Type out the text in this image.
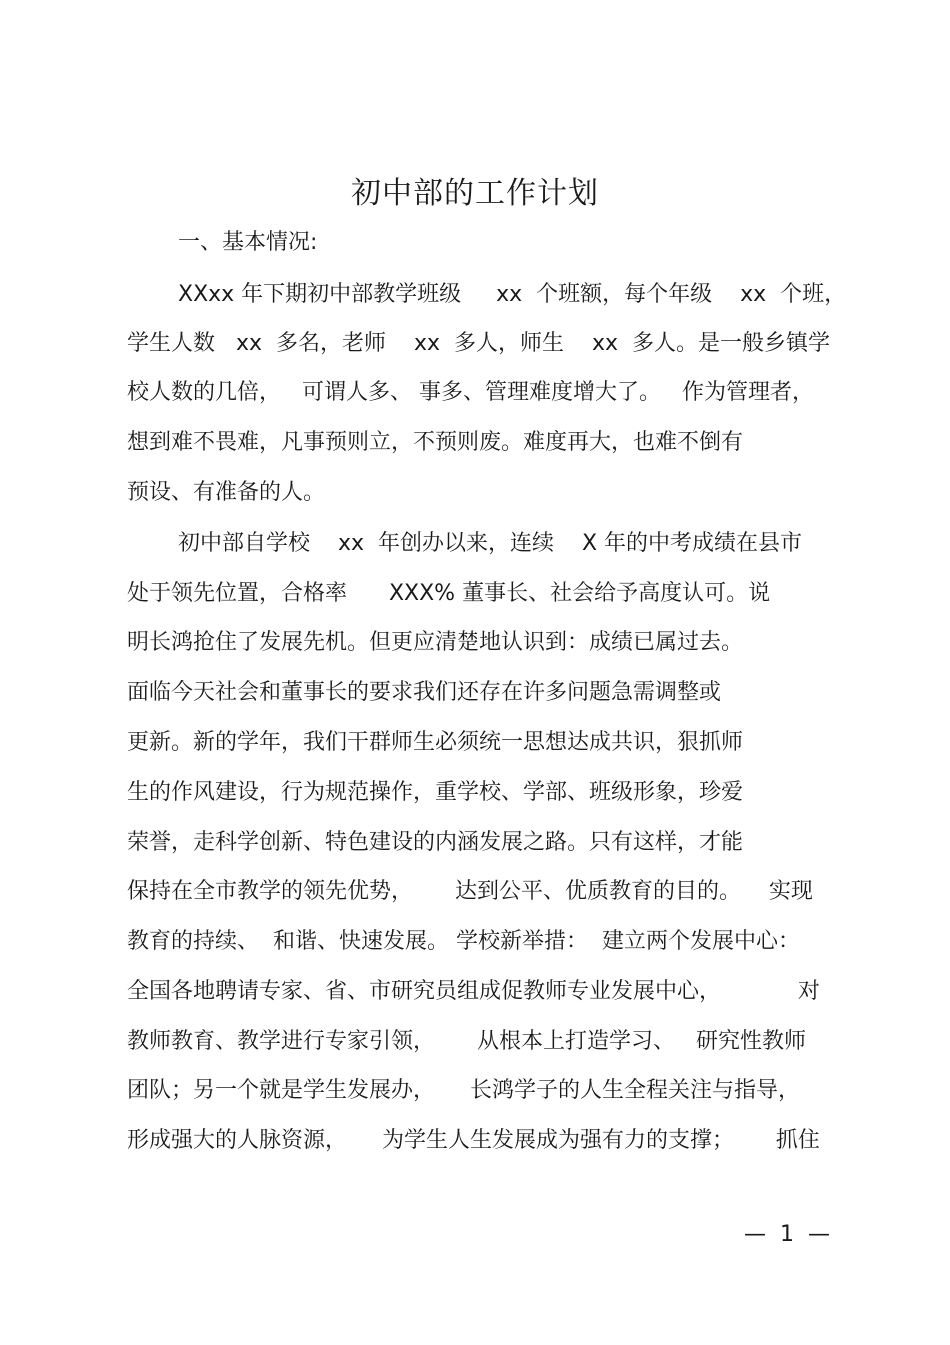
初中部的工作计划
一、基本情况:
XXxx 年下期初中部教学班级     xx  个班额，每个年级    xx  个班，
学生人数   xx  多名，老师    xx  多人，师生    xx  多人。是一般乡镇学
校人数的几倍，   可谓人多、 事多、管理难度增大了。   作为管理者，
想到难不畏难，凡事预则立，不预则废。难度再大，也难不倒有
预设、有准备的人。
初中部自学校    xx  年创办以来，连续    X 年的中考成绩在县市
处于领先位置，合格率      XXX% 董事长、社会给予高度认可。说
明长鸿抢住了发展先机。但更应清楚地认识到：成绩已属过去。
面临今天社会和董事长的要求我们还存在许多问题急需调整或
更新。新的学年，我们干群师生必须统一思想达成共识，狠抓师
生的作风建设，行为规范操作，重学校、学部、班级形象，珍爱
荣誉，走科学创新、特色建设的内涵发展之路。只有这样，才能
保持在全市教学的领先优势，      达到公平、优质教育的目的。    实现
教育的持续、  和谐、快速发展。 学校新举措：  建立两个发展中心：
全国各地聘请专家、省、市研究员组成促教师专业发展中心，           对
教师教育、教学进行专家引领，      从根本上打造学习、   研究性教师
团队；另一个就是学生发展办，     长鸿学子的人生全程关注与指导，
形成强大的人脉资源，     为学生人生发展成为强有力的支撑；      抓住
—  1  —
